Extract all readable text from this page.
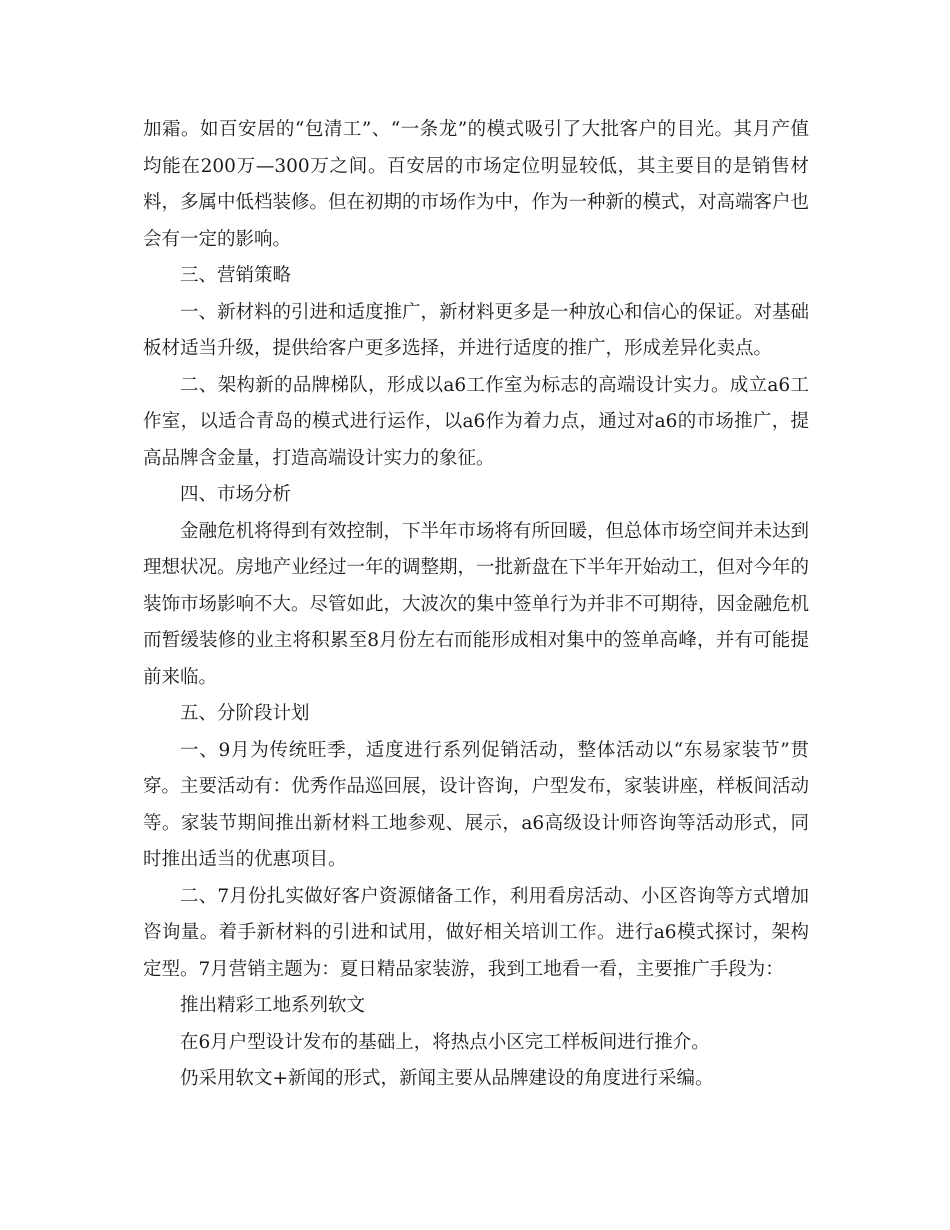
加霜。如百安居的“包清工”、“一条龙”的模式吸引了大批客户的目光。其月产值均能在200万—300万之间。百安居的市场定位明显较低，其主要目的是销售材料，多属中低档装修。但在初期的市场作为中，作为一种新的模式，对高端客户也会有一定的影响。

三、营销策略

一、新材料的引进和适度推广，新材料更多是一种放心和信心的保证。对基础板材适当升级，提供给客户更多选择，并进行适度的推广，形成差异化卖点。

二、架构新的品牌梯队，形成以a6工作室为标志的高端设计实力。成立a6工作室，以适合青岛的模式进行运作，以a6作为着力点，通过对a6的市场推广，提高品牌含金量，打造高端设计实力的象征。

四、市场分析

金融危机将得到有效控制，下半年市场将有所回暖，但总体市场空间并未达到理想状况。房地产业经过一年的调整期，一批新盘在下半年开始动工，但对今年的装饰市场影响不大。尽管如此，大波次的集中签单行为并非不可期待，因金融危机而暂缓装修的业主将积累至8月份左右而能形成相对集中的签单高峰，并有可能提前来临。

五、分阶段计划

一、9月为传统旺季，适度进行系列促销活动，整体活动以“东易家装节”贯穿。主要活动有：优秀作品巡回展，设计咨询，户型发布，家装讲座，样板间活动等。家装节期间推出新材料工地参观、展示，a6高级设计师咨询等活动形式，同时推出适当的优惠项目。

二、7月份扎实做好客户资源储备工作，利用看房活动、小区咨询等方式增加咨询量。着手新材料的引进和试用，做好相关培训工作。进行a6模式探讨，架构定型。7月营销主题为：夏日精品家装游，我到工地看一看，主要推广手段为：

推出精彩工地系列软文

在6月户型设计发布的基础上，将热点小区完工样板间进行推介。

仍采用软文+新闻的形式，新闻主要从品牌建设的角度进行采编。
